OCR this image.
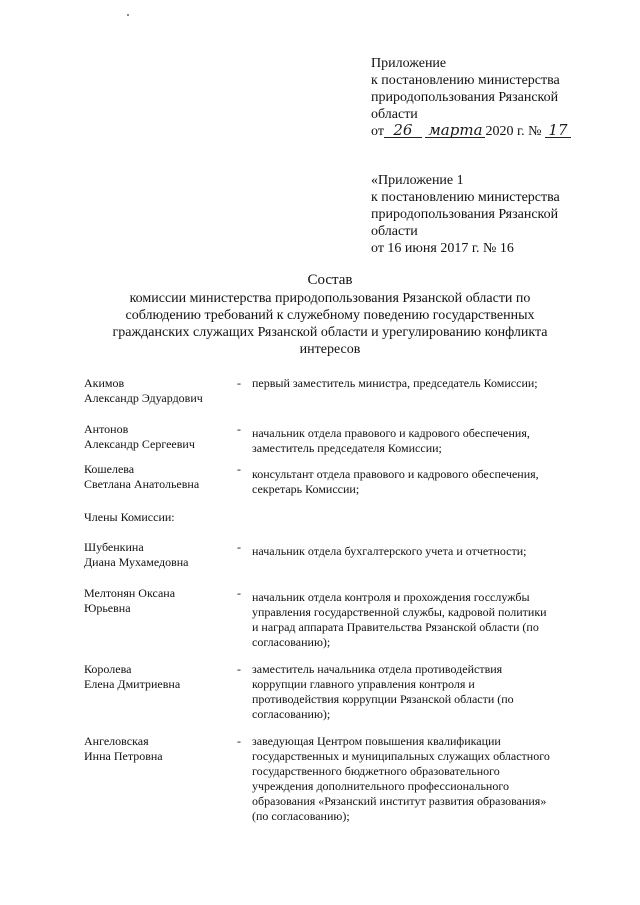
Приложение
к постановлению министерства
природопользования Рязанской
области
от 26 марта 2020 г. № 17
«Приложение 1
к постановлению министерства
природопользования Рязанской
области
от 16 июня 2017 г. № 16
Состав
комиссии министерства природопользования Рязанской области по
соблюдению требований к служебному поведению государственных
гражданских служащих Рязанской области и урегулированию конфликта
интересов
Акимов
Александр Эдуардович
- первый заместитель министра, председатель Комиссии;
Антонов
Александр Сергеевич
- начальник отдела правового и кадрового обеспечения,
заместитель председателя Комиссии;
Кошелева
Светлана Анатольевна
- консультант отдела правового и кадрового обеспечения,
секретарь Комиссии;
Члены Комиссии:
Шубенкина
Диана Мухамедовна
- начальник отдела бухгалтерского учета и отчетности;
Мелтонян Оксана
Юрьевна
- начальник отдела контроля и прохождения госслужбы
управления государственной службы, кадровой политики
и наград аппарата Правительства Рязанской области (по
согласованию);
Королева
Елена Дмитриевна
- заместитель начальника отдела противодействия
коррупции главного управления контроля и
противодействия коррупции Рязанской области (по
согласованию);
Ангеловская
Инна Петровна
- заведующая Центром повышения квалификации
государственных и муниципальных служащих областного
государственного бюджетного образовательного
учреждения дополнительного профессионального
образования «Рязанский институт развития образования»
(по согласованию);
